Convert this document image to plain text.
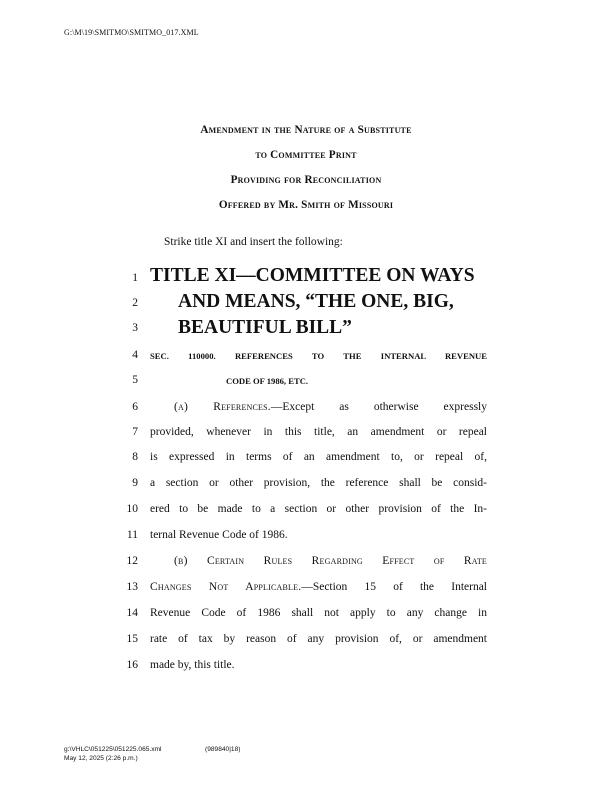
G:\M\19\SMITMO\SMITMO_017.XML
Amendment in the Nature of a Substitute
to Committee Print
Providing for Reconciliation
Offered by Mr. Smith of Missouri
Strike title XI and insert the following:
1
2
3
4
5
6
7
8
9
10
11
12
13
14
15
16
TITLE XI—COMMITTEE ON WAYS
AND MEANS, “THE ONE, BIG,
BEAUTIFUL BILL”
SEC. 110000. REFERENCES TO THE INTERNAL REVENUE
CODE OF 1986, ETC.
(a) References.—Except as otherwise expressly
provided, whenever in this title, an amendment or repeal
is expressed in terms of an amendment to, or repeal of,
a section or other provision, the reference shall be consid-
ered to be made to a section or other provision of the In-
ternal Revenue Code of 1986.
(b) Certain Rules Regarding Effect of Rate
Changes Not Applicable.—Section 15 of the Internal
Revenue Code of 1986 shall not apply to any change in
rate of tax by reason of any provision of, or amendment
made by, this title.
g:\VHLC\051225\051225.065.xml	(989840|18)
May 12, 2025 (2:26 p.m.)
